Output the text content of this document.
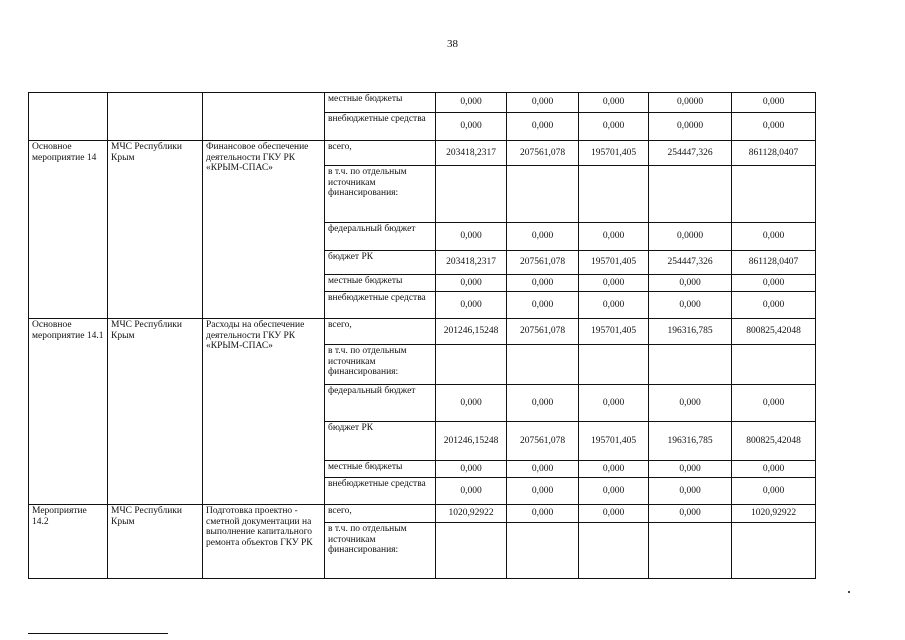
38
			местные бюджеты	0,000	0,000	0,000	0,0000	0,000
			внебюджетные средства	0,000	0,000	0,000	0,0000	0,000
Основное мероприятие 14	МЧС Республики Крым	Финансовое обеспечение деятельности ГКУ РК «КРЫМ-СПАС»	всего,	203418,2317	207561,078	195701,405	254447,326	861128,0407
			в т.ч. по отдельным источникам финансирования:					
			федеральный бюджет	0,000	0,000	0,000	0,0000	0,000
			бюджет РК	203418,2317	207561,078	195701,405	254447,326	861128,0407
			местные бюджеты	0,000	0,000	0,000	0,000	0,000
			внебюджетные средства	0,000	0,000	0,000	0,000	0,000
Основное мероприятие 14.1	МЧС Республики Крым	Расходы на обеспечение деятельности ГКУ РК «КРЫМ-СПАС»	всего,	201246,15248	207561,078	195701,405	196316,785	800825,42048
			в т.ч. по отдельным источникам финансирования:					
			федеральный бюджет	0,000	0,000	0,000	0,000	0,000
			бюджет РК	201246,15248	207561,078	195701,405	196316,785	800825,42048
			местные бюджеты	0,000	0,000	0,000	0,000	0,000
			внебюджетные средства	0,000	0,000	0,000	0,000	0,000
Мероприятие 14.2	МЧС Республики Крым	Подготовка проектно - сметной документации на выполнение капитального ремонта объектов ГКУ РК	всего,	1020,92922	0,000	0,000	0,000	1020,92922
			в т.ч. по отдельным источникам финансирования:					
